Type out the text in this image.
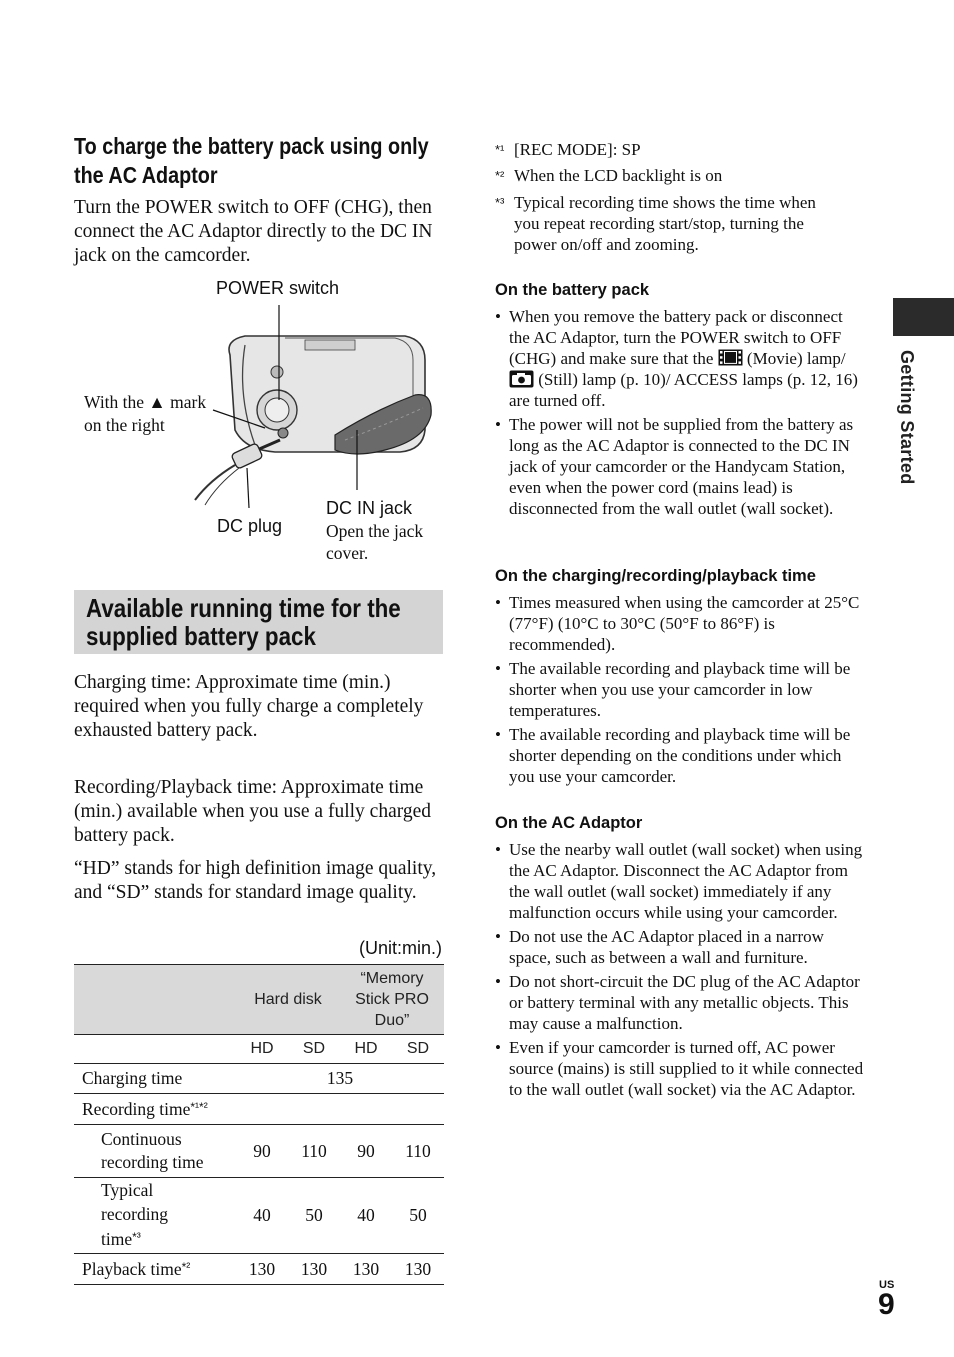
To charge the battery pack using only the AC Adaptor
Turn the POWER switch to OFF (CHG), then connect the AC Adaptor directly to the DC IN jack on the camcorder.
POWER switch
With the ▲ mark
on the right
DC plug
DC IN jack
Open the jack
cover.
Available running time for the supplied battery pack
Charging time: Approximate time (min.) required when you fully charge a completely exhausted battery pack.
Recording/Playback time: Approximate time (min.) available when you use a fully charged battery pack.
“HD” stands for high definition image quality, and “SD” stands for standard image quality.
(Unit:min.)
	Hard disk		“Memory
Stick PRO
Duo”	
	HD	SD	HD	SD
Charging time	135			
Recording time$^{*^1*^2}$
Continuous
recording time	90	110	90	110
Typical
recording
time$^{*^3}$	40	50	40	50
Playback time$^{*^2}$	130	130	130	130
*¹ [REC MODE]: SP
*² When the LCD backlight is on
*³ Typical recording time shows the time when you repeat recording start/stop, turning the power on/off and zooming.
On the battery pack
• When you remove the battery pack or disconnect the AC Adaptor, turn the POWER switch to OFF (CHG) and make sure that the (Movie) lamp/ (Still) lamp (p. 10)/ ACCESS lamps (p. 12, 16) are turned off.
• The power will not be supplied from the battery as long as the AC Adaptor is connected to the DC IN jack of your camcorder or the Handycam Station, even when the power cord (mains lead) is disconnected from the wall outlet (wall socket).
On the charging/recording/playback time
• Times measured when using the camcorder at 25°C (77°F) (10°C to 30°C (50°F to 86°F) is recommended).
• The available recording and playback time will be shorter when you use your camcorder in low temperatures.
• The available recording and playback time will be shorter depending on the conditions under which you use your camcorder.
On the AC Adaptor
• Use the nearby wall outlet (wall socket) when using the AC Adaptor. Disconnect the AC Adaptor from the wall outlet (wall socket) immediately if any malfunction occurs while using your camcorder.
• Do not use the AC Adaptor placed in a narrow space, such as between a wall and furniture.
• Do not short-circuit the DC plug of the AC Adaptor or battery terminal with any metallic objects. This may cause a malfunction.
• Even if your camcorder is turned off, AC power source (mains) is still supplied to it while connected to the wall outlet (wall socket) via the AC Adaptor.
Getting Started
US
9
